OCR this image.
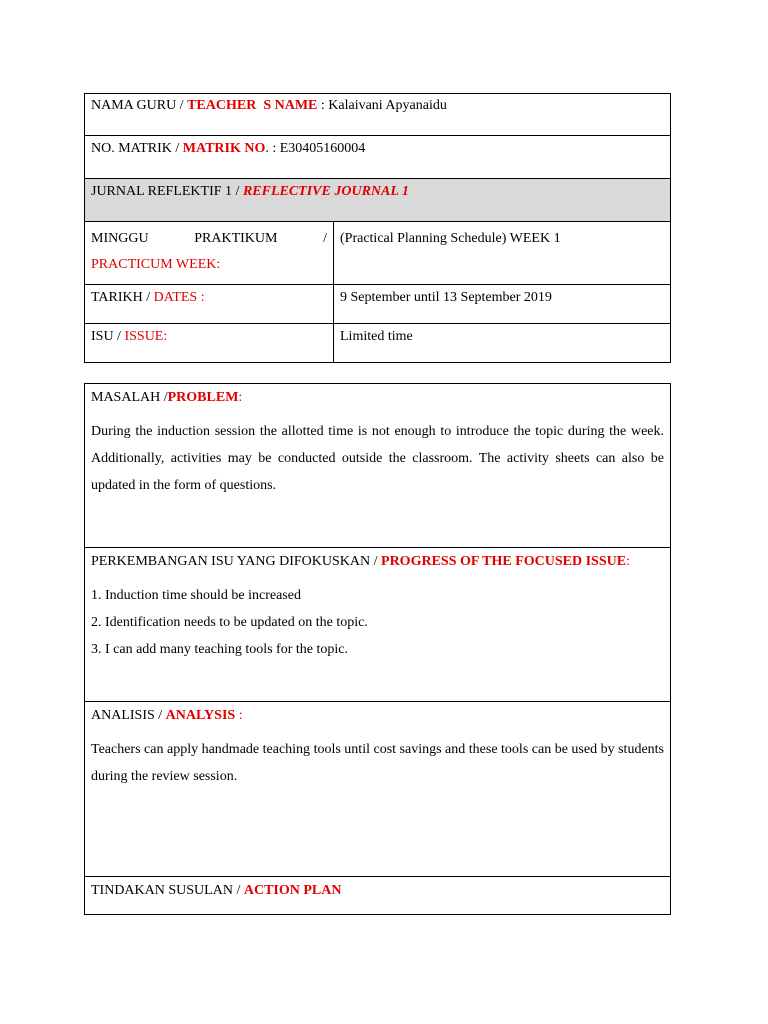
NAMA GURU / TEACHER  S NAME : Kalaivani Apyanaidu	
NO. MATRIK / MATRIK NO. : E30405160004	
JURNAL REFLEKTIF 1 / REFLECTIVE JOURNAL 1	

MINGGU PRAKTIKUM /
PRACTICUM WEEK:	(Practical Planning Schedule) WEEK 1
TARIKH / DATES :	9 September until 13 September 2019
ISU / ISSUE:	Limited time
MASALAH /PROBLEM:
During the induction session the allotted time is not enough to introduce the topic during the week. Additionally, activities may be conducted outside the classroom. The activity sheets can also be updated in the form of questions.

PERKEMBANGAN ISU YANG DIFOKUSKAN / PROGRESS OF THE FOCUSED ISSUE:
1. Induction time should be increased
2. Identification needs to be updated on the topic.
3. I can add many teaching tools for the topic.

ANALISIS / ANALYSIS :
Teachers can apply handmade teaching tools until cost savings and these tools can be used by students during the review session.

TINDAKAN SUSULAN / ACTION PLAN
